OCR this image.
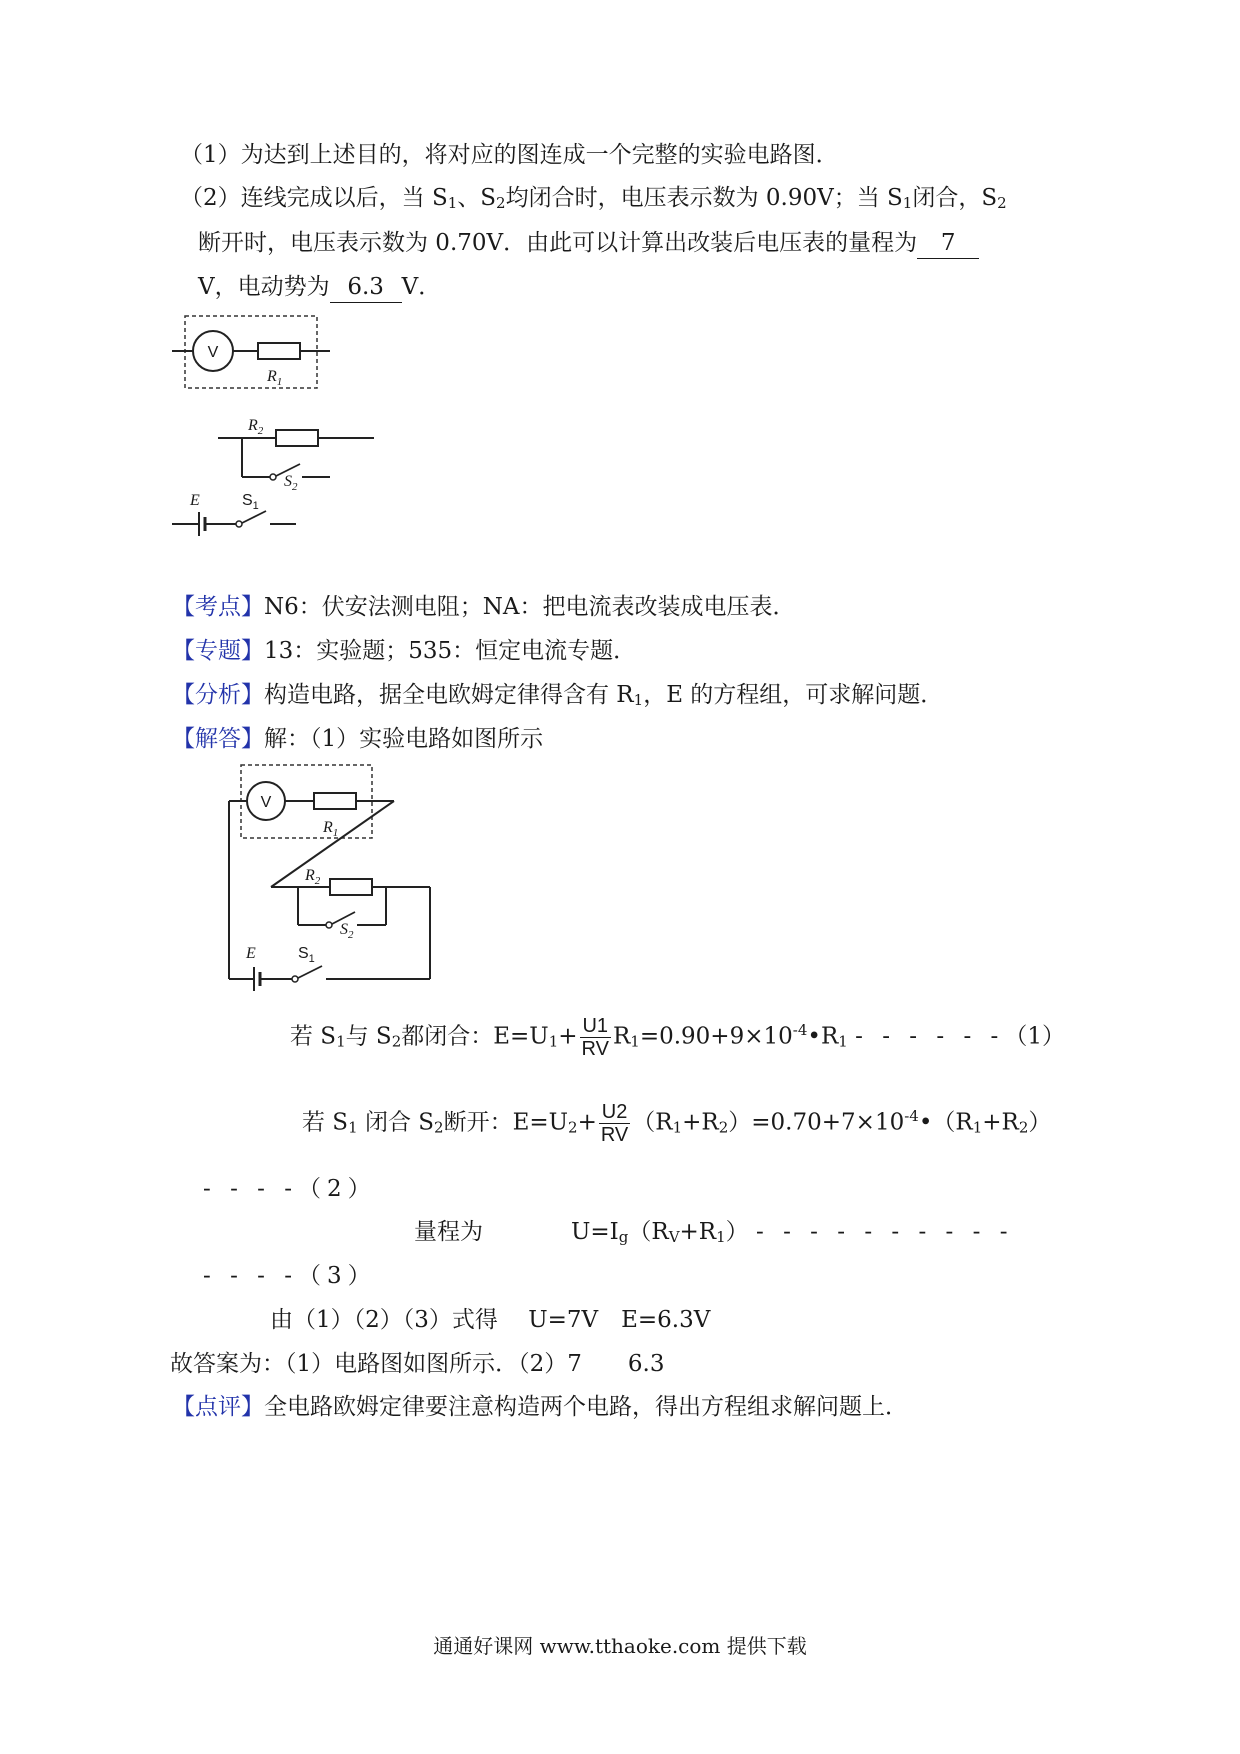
（1）为达到上述目的，将对应的图连成一个完整的实验电路图．
（2）连线完成以后，当 $S_1$、$S_2$均闭合时，电压表示数为 0.90V；当 $S_1$闭合，$S_2$
断开时，电压表示数为 0.70V．由此可以计算出改装后电压表的量程为 7
V，电动势为 6.3 V．
V
$R_1$
$R_2$
$S_2$
E	$S_1$
V
$R_1$
$R_2$
$S_2$
E	$S_1$
【考点】N6：伏安法测电阻；NA：把电流表改装成电压表．
【专题】13：实验题；535：恒定电流专题．
【分析】构造电路，据全电欧姆定律得含有 $R_1$，E 的方程组，可求解问题．
【解答】解：（1）实验电路如图所示
若 $S_1$与 $S_2$都闭合：$E=U_1+ \frac{U1}{RV}$ $R_1=0.90+9\times 10^{-4}•R_1$ - - - - - -（1）
若 $S_1$ 闭合 $S_2$断开：$E=U_2+ \frac{U2}{RV}$ $(R_1+R_2)=0.70+7\times 10^{-4}•(R_1+R_2)$
- - - -（2）
量程为	$U=I_g(R_V+R_1)$ - - - - - - - - - -
- - - -（3）
由（1）（2）（3）式得　 U=7V　E=6.3V
故答案为：（1）电路图如图所示．（2）7　　6.3
【点评】全电路欧姆定律要注意构造两个电路，得出方程组求解问题上．
通通好课网 www.tthaoke.com 提供下载
